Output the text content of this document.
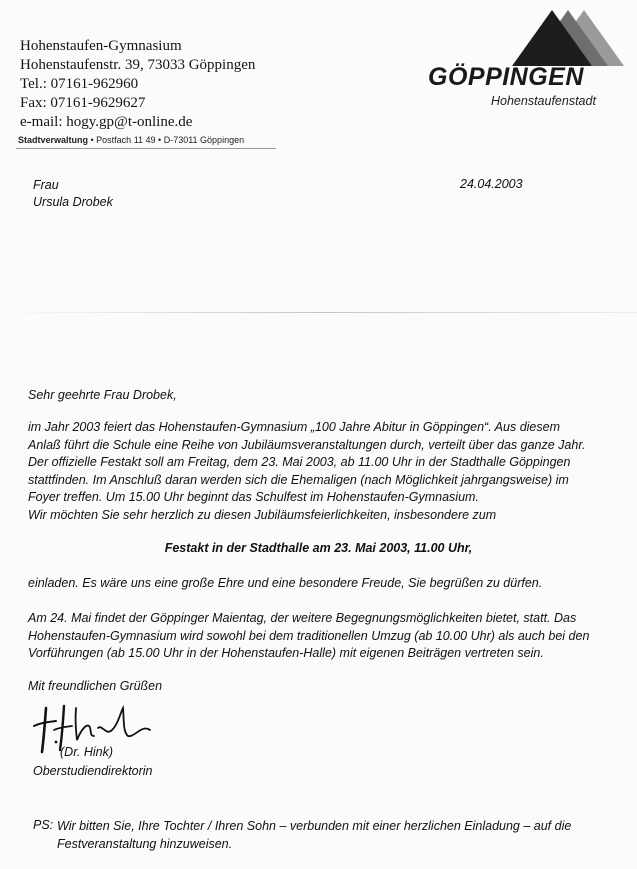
Hohenstaufen-Gymnasium
Hohenstaufenstr. 39, 73033 Göppingen
Tel.: 07161-962960
Fax: 07161-9629627
e-mail: hogy.gp@t-online.de
GÖPPINGEN
Hohenstaufenstadt
Stadtverwaltung • Postfach 11 49 • D-73011 Göppingen
Frau
Ursula Drobek
24.04.2003
Sehr geehrte Frau Drobek,
im Jahr 2003 feiert das Hohenstaufen-Gymnasium „100 Jahre Abitur in Göppingen“. Aus diesem
Anlaß führt die Schule eine Reihe von Jubiläumsveranstaltungen durch, verteilt über das ganze Jahr.
Der offizielle Festakt soll am Freitag, dem 23. Mai 2003, ab 11.00 Uhr in der Stadthalle Göppingen
stattfinden. Im Anschluß daran werden sich die Ehemaligen (nach Möglichkeit jahrgangsweise) im
Foyer treffen. Um 15.00 Uhr beginnt das Schulfest im Hohenstaufen-Gymnasium.
Wir möchten Sie sehr herzlich zu diesen Jubiläumsfeierlichkeiten, insbesondere zum
Festakt in der Stadthalle am 23. Mai 2003, 11.00 Uhr,
einladen. Es wäre uns eine große Ehre und eine besondere Freude, Sie begrüßen zu dürfen.
Am 24. Mai findet der Göppinger Maientag, der weitere Begegnungsmöglichkeiten bietet, statt. Das
Hohenstaufen-Gymnasium wird sowohl bei dem traditionellen Umzug (ab 10.00 Uhr) als auch bei den
Vorführungen (ab 15.00 Uhr in der Hohenstaufen-Halle) mit eigenen Beiträgen vertreten sein.
Mit freundlichen Grüßen
(Dr. Hink)
Oberstudiendirektorin
PS: Wir bitten Sie, Ihre Tochter / Ihren Sohn – verbunden mit einer herzlichen Einladung – auf die
Festveranstaltung hinzuweisen.
